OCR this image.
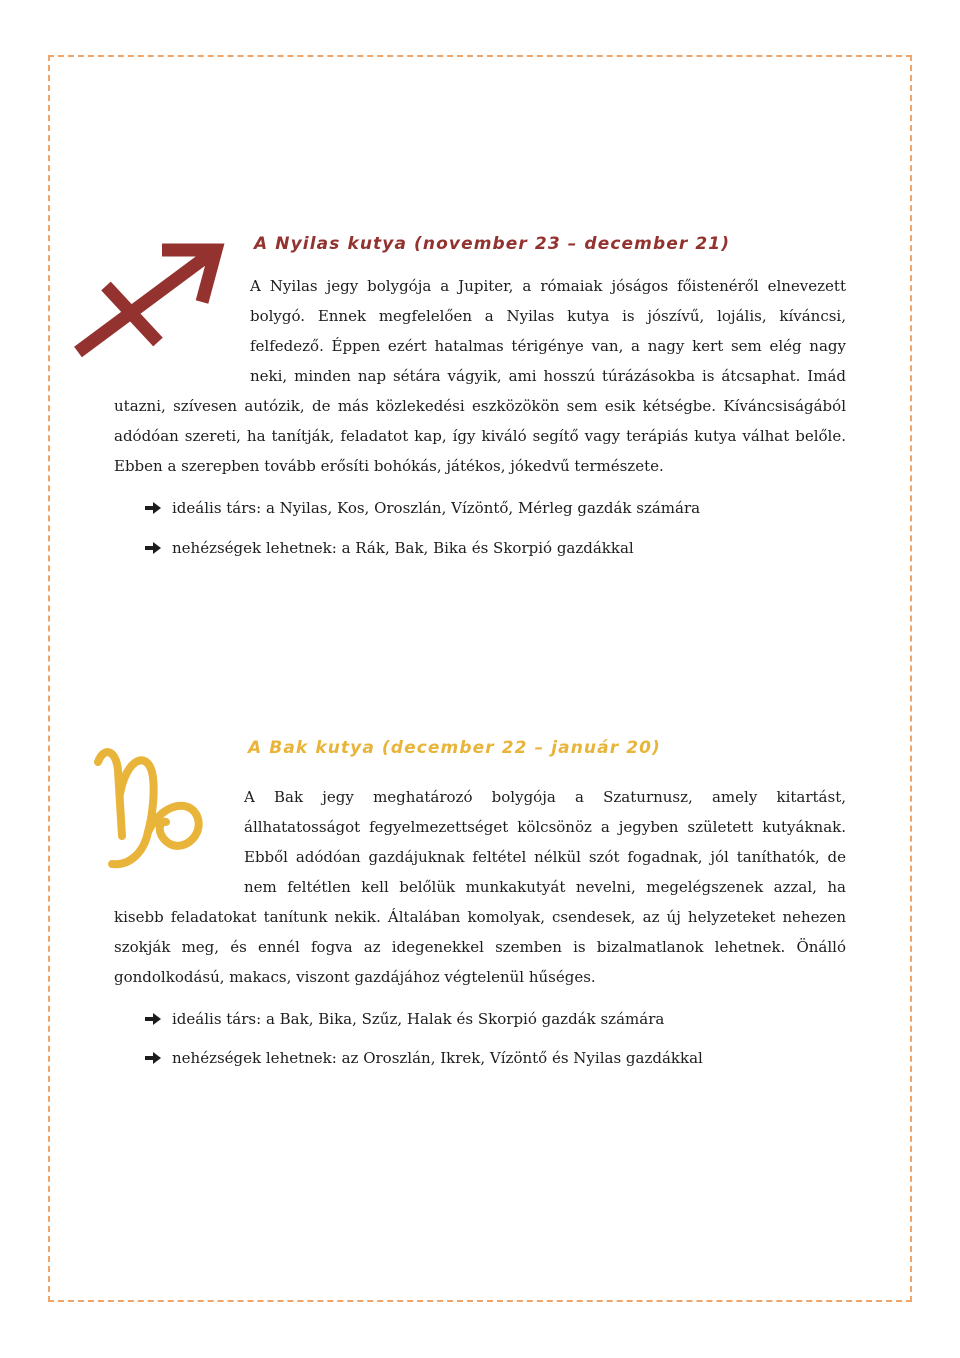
A Nyilas kutya (november 23 – december 21)

A Nyilas jegy bolygója a Jupiter, a rómaiak jóságos főistenéről elnevezett bolygó. Ennek megfelelően a Nyilas kutya is jószívű, lojális, kíváncsi, felfedező. Éppen ezért hatalmas térigénye van, a nagy kert sem elég nagy neki, minden nap sétára vágyik, ami hosszú túrázásokba is átcsaphat. Imád utazni, szívesen autózik, de más közlekedési eszközökön sem esik kétségbe. Kíváncsiságából adódóan szereti, ha tanítják, feladatot kap, így kiváló segítő vagy terápiás kutya válhat belőle. Ebben a szerepben tovább erősíti bohókás, játékos, jókedvű természete.

ideális társ: a Nyilas, Kos, Oroszlán, Vízöntő, Mérleg gazdák számára
nehézségek lehetnek: a Rák, Bak, Bika és Skorpió gazdákkal
A Bak kutya (december 22 – január 20)

A Bak jegy meghatározó bolygója a Szaturnusz, amely kitartást, állhatatosságot fegyelmezettséget kölcsönöz a jegyben született kutyáknak. Ebből adódóan gazdájuknak feltétel nélkül szót fogadnak, jól taníthatók, de nem feltétlen kell belőlük munkakutyát nevelni, megelégszenek azzal, ha kisebb feladatokat tanítunk nekik. Általában komolyak, csendesek, az új helyzeteket nehezen szokják meg, és ennél fogva az idegenekkel szemben is bizalmatlanok lehetnek. Önálló gondolkodású, makacs, viszont gazdájához végtelenül hűséges.

ideális társ: a Bak, Bika, Szűz, Halak és Skorpió gazdák számára
nehézségek lehetnek: az Oroszlán, Ikrek, Vízöntő és Nyilas gazdákkal
